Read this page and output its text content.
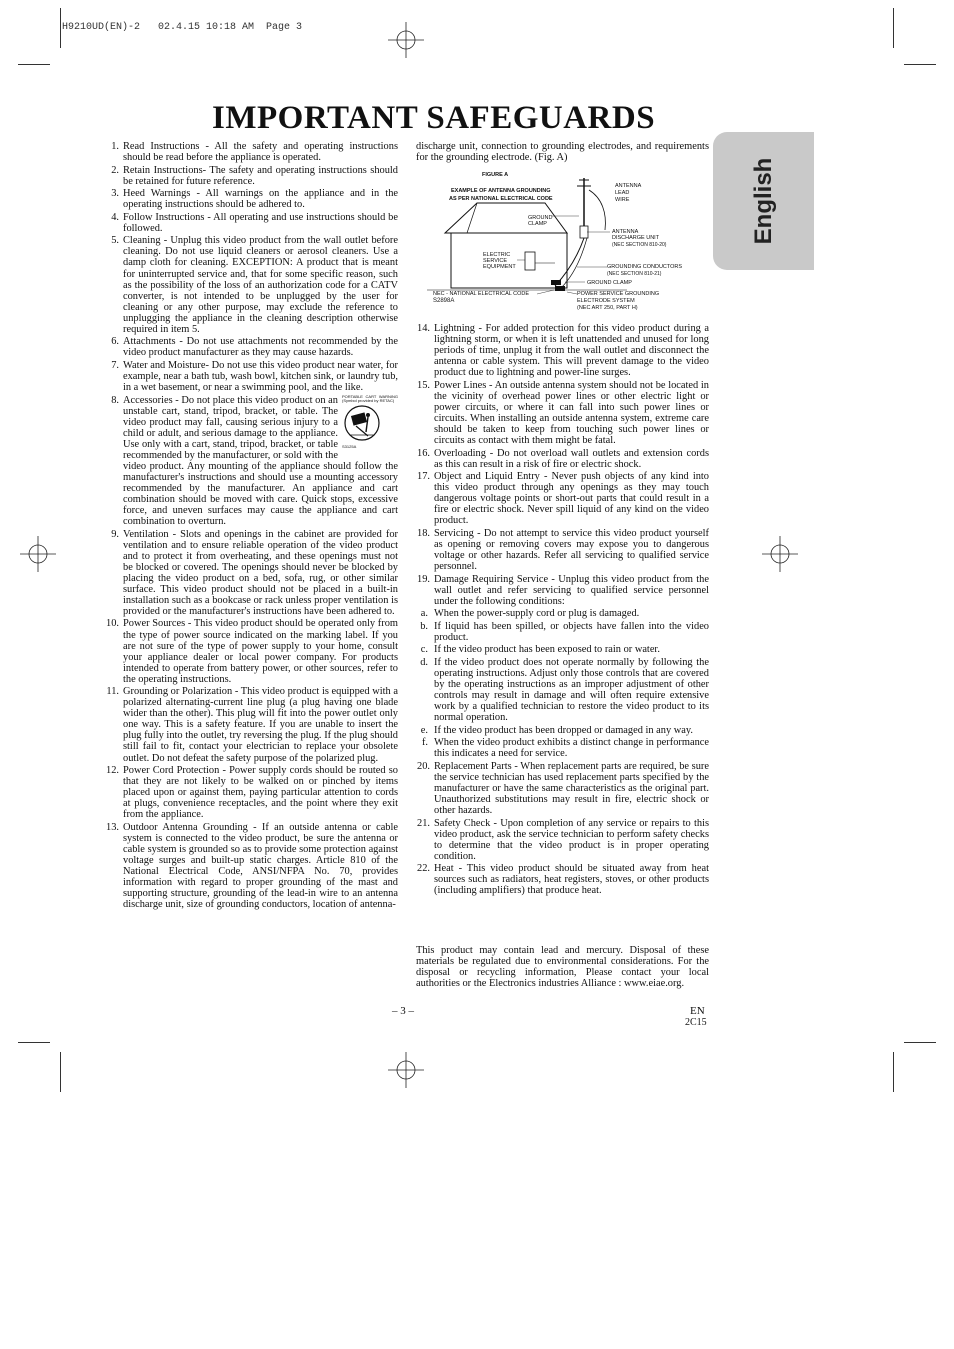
H9210UD(EN)-2   02.4.15 10:18 AM  Page 3
IMPORTANT SAFEGUARDS
English
1. Read Instructions - All the safety and operating instructions should be read before the appliance is operated.
2. Retain Instructions- The safety and operating instructions should be retained for future reference.
3. Heed Warnings - All warnings on the appliance and in the operating instructions should be adhered to.
4. Follow Instructions - All operating and use instructions should be followed.
5. Cleaning - Unplug this video product from the wall outlet before cleaning. Do not use liquid cleaners or aerosol cleaners. Use a damp cloth for cleaning. EXCEPTION: A product that is meant for uninterrupted service and, that for some specific reason, such as the possibility of the loss of an authorization code for a CATV converter, is not intended to be unplugged by the user for cleaning or any other purpose, may exclude the reference to unplugging the appliance in the cleaning description otherwise required in item 5.
6. Attachments - Do not use attachments not recommended by the video product manufacturer as they may cause hazards.
7. Water and Moisture- Do not use this video product near water, for example, near a bath tub, wash bowl, kitchen sink, or laundry tub, in a wet basement, or near a swimming pool, and the like.
8.	PORTABLE CART WARNING (Symbol provided by RETAC)
S3125A
Accessories - Do not place this video product on an unstable cart, stand, tripod, bracket, or table. The video product may fall, causing serious injury to a child or adult, and serious damage to the appliance. Use only with a cart, stand, tripod, bracket, or table recommended by the manufacturer, or sold with the video product. Any mounting of the appliance should follow the manufacturer's instructions and should use a mounting accessory recommended by the manufacturer. An appliance and cart combination should be moved with care. Quick stops, excessive force, and uneven surfaces may cause the appliance and cart combination to overturn.
9. Ventilation - Slots and openings in the cabinet are provided for ventilation and to ensure reliable operation of the video product and to protect it from overheating, and these openings must not be blocked or covered. The openings should never be blocked by placing the video product on a bed, sofa, rug, or other similar surface. This video product should not be placed in a built-in installation such as a bookcase or rack unless proper ventilation is provided or the manufacturer's instructions have been adhered to.
10. Power Sources - This video product should be operated only from the type of power source indicated on the marking label. If you are not sure of the type of power supply to your home, consult your appliance dealer or local power company. For products intended to operate from battery power, or other sources, refer to the operating instructions.
11. Grounding or Polarization - This video product is equipped with a polarized alternating-current line plug (a plug having one blade wider than the other). This plug will fit into the power outlet only one way. This is a safety feature. If you are unable to insert the plug fully into the outlet, try reversing the plug. If the plug should still fail to fit, contact your electrician to replace your obsolete outlet. Do not defeat the safety purpose of the polarized plug.
12. Power Cord Protection - Power supply cords should be routed so that they are not likely to be walked on or pinched by items placed upon or against them, paying particular attention to cords at plugs, convenience receptacles, and the point where they exit from the appliance.
13. Outdoor Antenna Grounding - If an outside antenna or cable system is connected to the video product, be sure the antenna or cable system is grounded so as to provide some protection against voltage surges and built-up static charges. Article 810 of the National Electrical Code, ANSI/NFPA No. 70, provides information with regard to proper grounding of the mast and supporting structure, grounding of the lead-in wire to an antenna discharge unit, size of grounding conductors, location of antenna-
discharge unit, connection to grounding electrodes, and requirements for the grounding electrode. (Fig. A)
FIGURE A
EXAMPLE OF ANTENNA GROUNDING
AS PER NATIONAL ELECTRICAL CODE
ANTENNA
LEAD
WIRE
GROUND
CLAMP
ANTENNA
DISCHARGE UNIT
(NEC SECTION 810-20)
ELECTRIC
SERVICE
EQUIPMENT	GROUNDING CONDUCTORS
(NEC SECTION 810-21)
GROUND CLAMP
NEC - NATIONAL ELECTRICAL CODE
S2898A
POWER SERVICE GROUNDING
ELECTRODE SYSTEM
(NEC ART 250, PART H)
14. Lightning - For added protection for this video product during a lightning storm, or when it is left unattended and unused for long periods of time, unplug it from the wall outlet and disconnect the antenna or cable system. This will prevent damage to the video product due to lightning and power-line surges.
15. Power Lines - An outside antenna system should not be located in the vicinity of overhead power lines or other electric light or power circuits, or where it can fall into such power lines or circuits. When installing an outside antenna system, extreme care should be taken to keep from touching such power lines or circuits as contact with them might be fatal.
16. Overloading - Do not overload wall outlets and extension cords as this can result in a risk of fire or electric shock.
17. Object and Liquid Entry - Never push objects of any kind into this video product through any openings as they may touch dangerous voltage points or short-out parts that could result in a fire or electric shock. Never spill liquid of any kind on the video product.
18. Servicing - Do not attempt to service this video product yourself as opening or removing covers may expose you to dangerous voltage or other hazards. Refer all servicing to qualified service personnel.
19. Damage Requiring Service - Unplug this video product from the wall outlet and refer servicing to qualified service personnel under the following conditions:
a. When the power-supply cord or plug is damaged.
b. If liquid has been spilled, or objects have fallen into the video product.
c. If the video product has been exposed to rain or water.
d. If the video product does not operate normally by following the operating instructions. Adjust only those controls that are covered by the operating instructions as an improper adjustment of other controls may result in damage and will often require extensive work by a qualified technician to restore the video product to its normal operation.
e. If the video product has been dropped or damaged in any way.
f. When the video product exhibits a distinct change in performance this indicates a need for service.
20. Replacement Parts - When replacement parts are required, be sure the service technician has used replacement parts specified by the manufacturer or have the same characteristics as the original part. Unauthorized substitutions may result in fire, electric shock or other hazards.
21. Safety Check - Upon completion of any service or repairs to this video product, ask the service technician to perform safety checks to determine that the video product is in proper operating condition.
22. Heat - This video product should be situated away from heat sources such as radiators, heat registers, stoves, or other products (including amplifiers) that produce heat.
This product may contain lead and mercury. Disposal of these materials be regulated due to environmental considerations. For the disposal or recycling information, Please contact your local authorities or the Electronics industries Alliance : www.eiae.org.
– 3 –	EN
2C15
